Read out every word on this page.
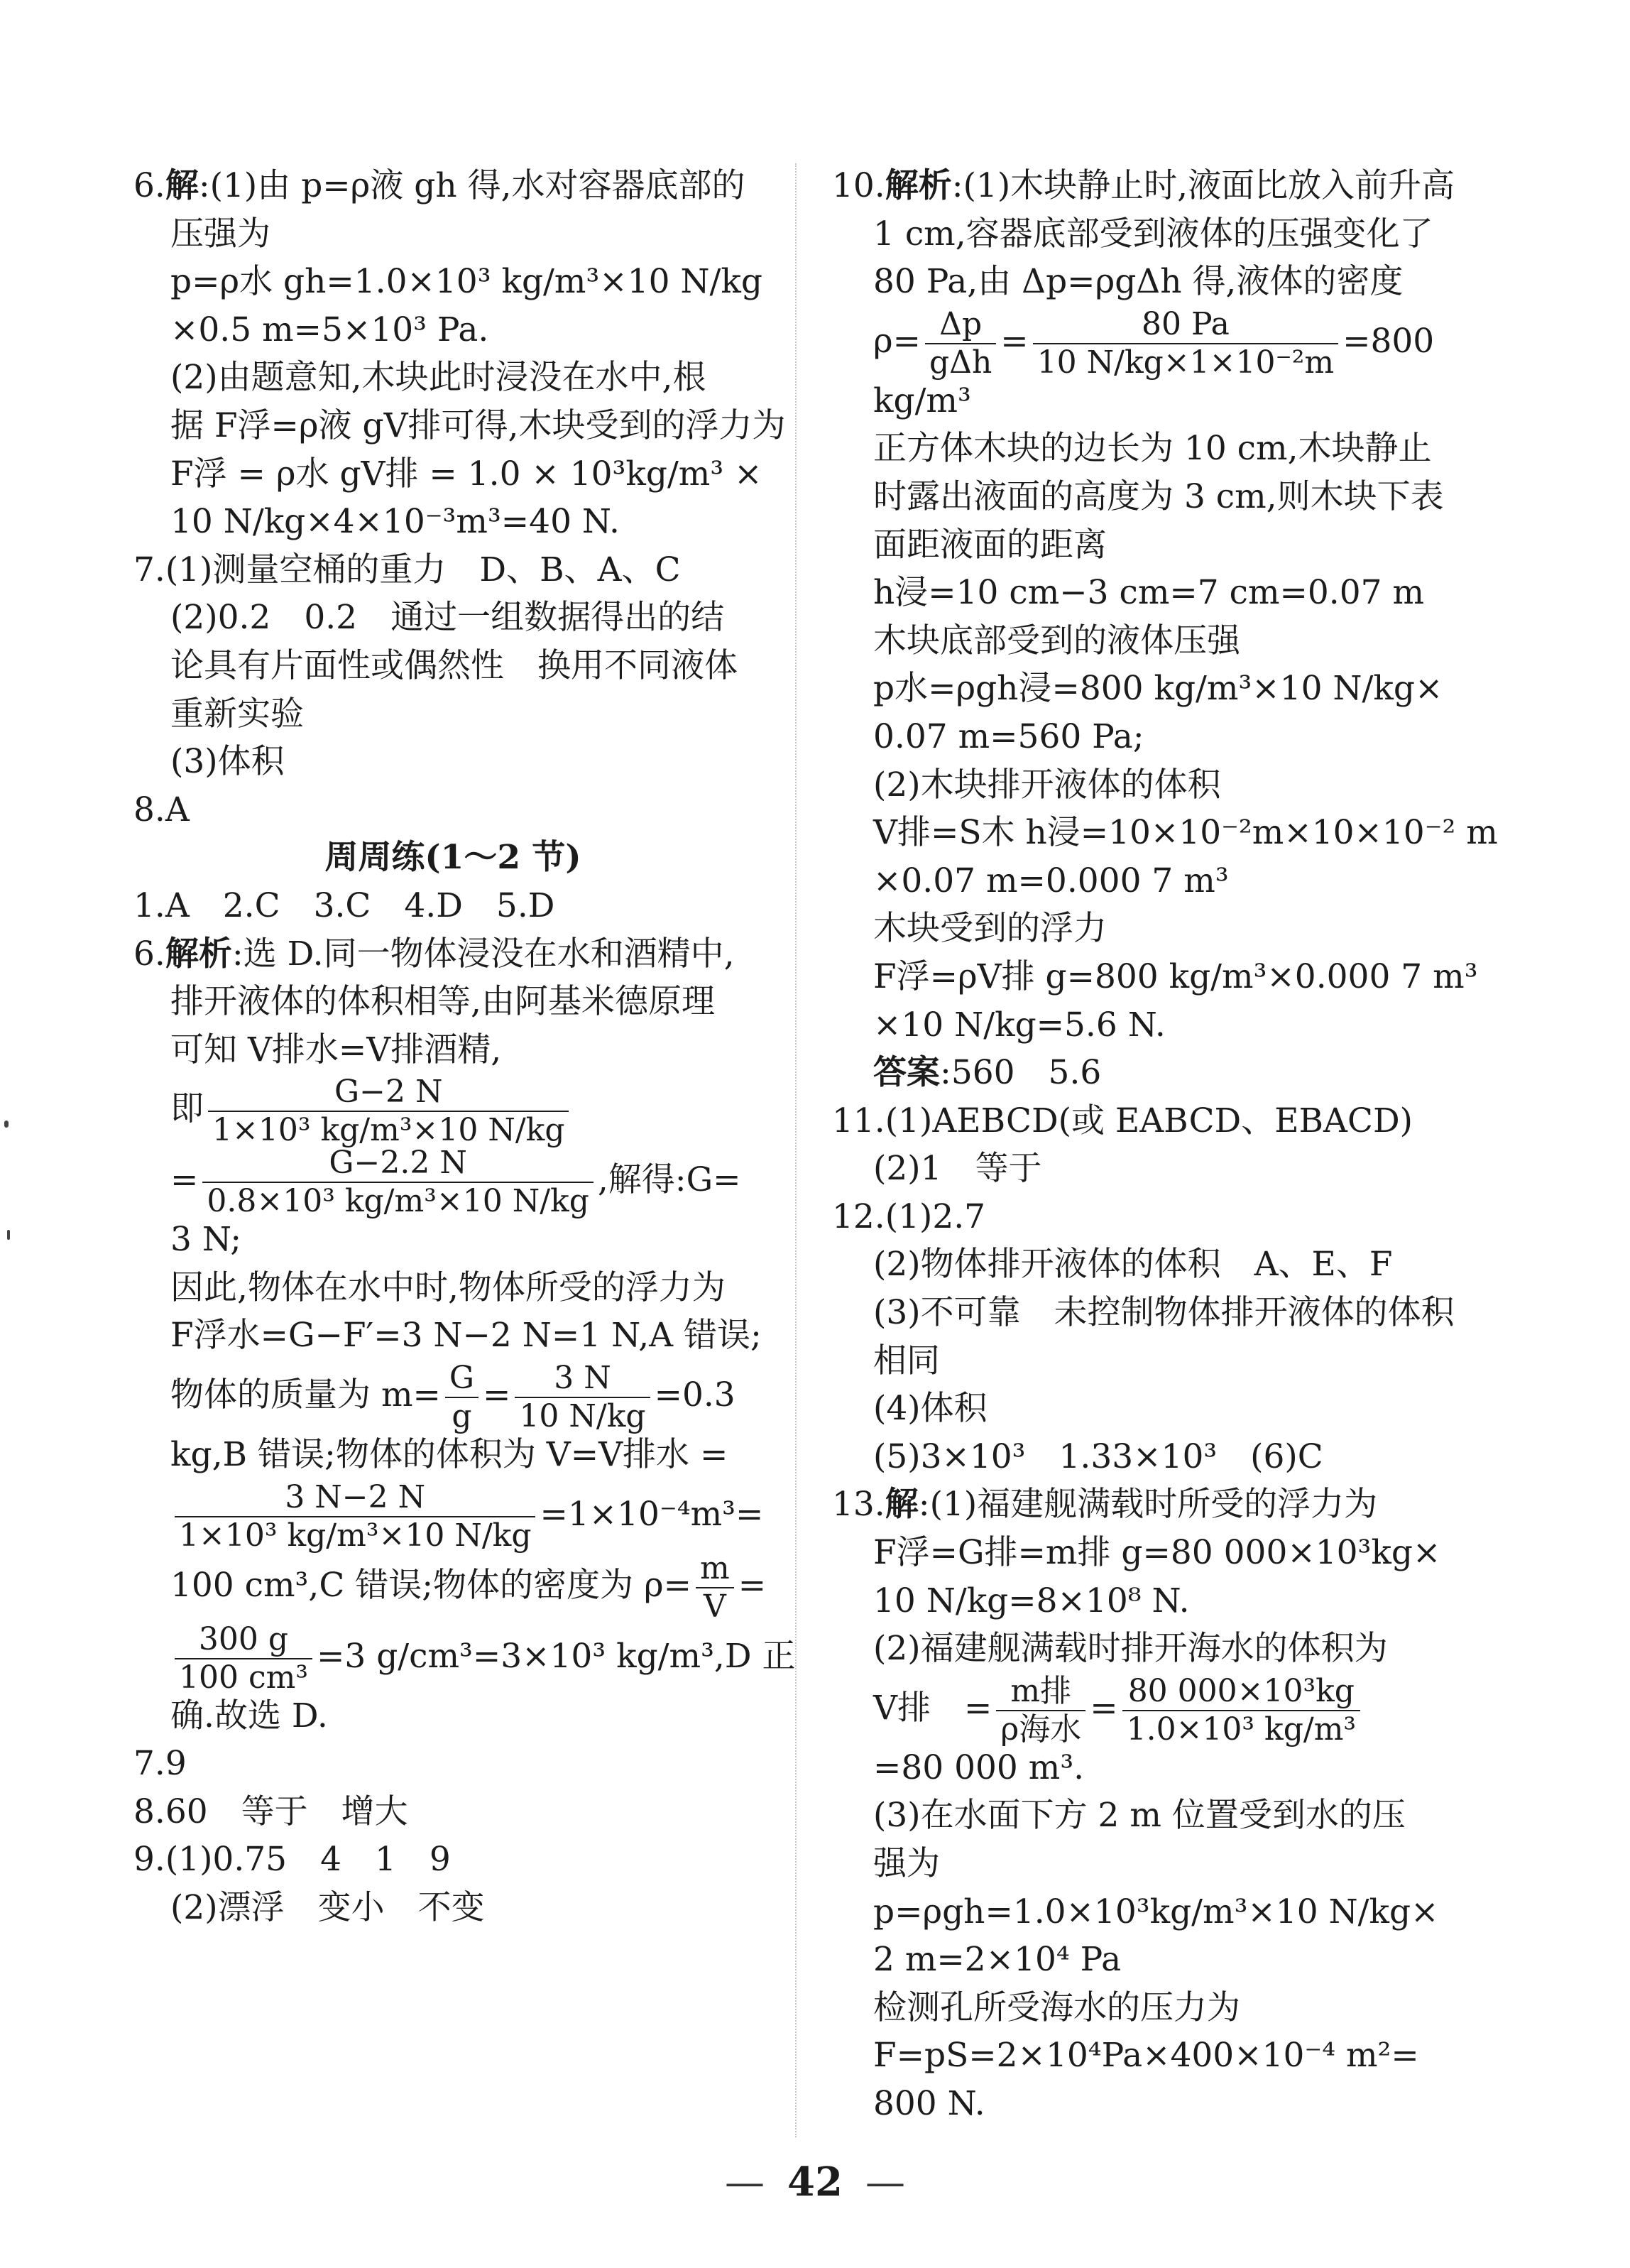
6.解:(1)由 p=ρ液 gh 得,水对容器底部的
压强为
p=ρ水 gh=1.0×10³ kg/m³×10 N/kg
×0.5 m=5×10³ Pa.
(2)由题意知,木块此时浸没在水中,根
据 F浮=ρ液 gV排可得,木块受到的浮力为
F浮 = ρ水 gV排 = 1.0 × 10³kg/m³ ×
10 N/kg×4×10⁻³m³=40 N.
7.(1)测量空桶的重力　D、B、A、C
(2)0.2　0.2　通过一组数据得出的结
论具有片面性或偶然性　换用不同液体
重新实验
(3)体积
8.A
周周练(1～2 节)
1.A　2.C　3.C　4.D　5.D
6.解析:选 D.同一物体浸没在水和酒精中,
排开液体的体积相等,由阿基米德原理
可知 V排水=V排酒精,
即 $\frac{G-2 N}{\text{1×10³ kg/m³×10 N/kg}}$
= $\frac{G-2.2 N}{\text{0.8×10³ kg/m³×10 N/kg}}$ ,解得:G=
3 N;
因此,物体在水中时,物体所受的浮力为
F浮水=G−F′=3 N−2 N=1 N,A 错误;
物体的质量为 $m= \frac{G}{g} = \frac{3 N}{10 N/kg} =0.3$
kg,B 错误;物体的体积为 V=V排水 =
$\frac{3 N-2 N}{\text{1×10³ kg/m³×10 N/kg}} =1\times 10^{-4}m^3=$
100 cm³,C 错误;物体的密度为 $\rho= \frac{m}{V}$ =
$\frac{300 g}{\text{100 cm³}} =3$ g/cm³=3×10³ kg/m³,D 正
确.故选 D.
7.9
8.60　等于　增大
9.(1)0.75　4　1　9
(2)漂浮　变小　不变
10.解析:(1)木块静止时,液面比放入前升高
1 cm,容器底部受到液体的压强变化了
80 Pa,由 Δp=ρgΔh 得,液体的密度
$\rho= \frac{\Delta p}{\text{gΔh}} = \frac{80 Pa}{\text{10 N/kg×1×10⁻²m}} =800$
kg/m³
正方体木块的边长为 10 cm,木块静止
时露出液面的高度为 3 cm,则木块下表
面距液面的距离
h浸=10 cm−3 cm=7 cm=0.07 m
木块底部受到的液体压强
p水=ρgh浸=800 kg/m³×10 N/kg×
0.07 m=560 Pa;
(2)木块排开液体的体积
V排=S木 h浸=10×10⁻²m×10×10⁻² m
×0.07 m=0.000 7 m³
木块受到的浮力
F浮=ρV排 g=800 kg/m³×0.000 7 m³
×10 N/kg=5.6 N.
答案:560　5.6
11.(1)AEBCD(或 EABCD、EBACD)
(2)1　等于
12.(1)2.7
(2)物体排开液体的体积　A、E、F
(3)不可靠　未控制物体排开液体的体积
相同
(4)体积
(5)3×10³　1.33×10³　(6)C
13.解:(1)福建舰满载时所受的浮力为
F浮=G排=m排 g=80 000×10³kg×
10 N/kg=8×10⁸ N.
(2)福建舰满载时排开海水的体积为
V排　= $\frac{\text{m排}}{\text{ρ海水}} = \frac{\text{80 000×10³kg}}{\text{1.0×10³ kg/m³}}$
=80 000 m³.
(3)在水面下方 2 m 位置受到水的压
强为
p=ρgh=1.0×10³kg/m³×10 N/kg×
2 m=2×10⁴ Pa
检测孔所受海水的压力为
F=pS=2×10⁴Pa×400×10⁻⁴ m²=
800 N.
— 42 —
